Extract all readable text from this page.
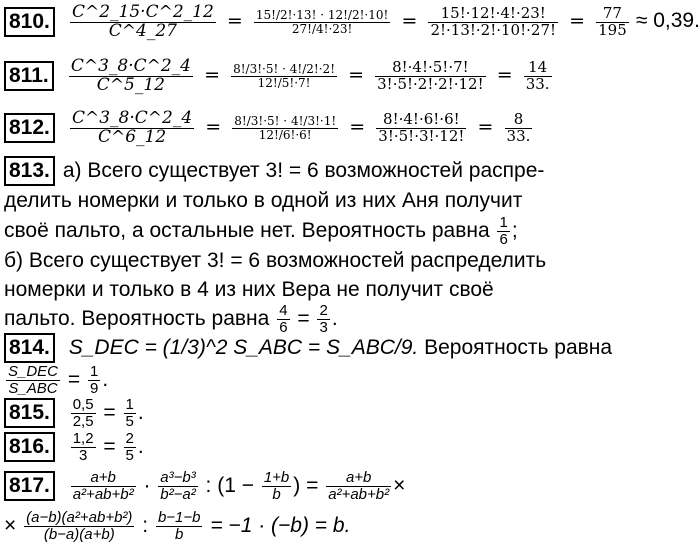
810. $\frac{C\^{}2\_15\cdot C\^{}2\_12}{C\^{}4\_27} = \frac{15!/2!\cdot 13! \cdot 12!/2!\cdot 10!}{27!/4!\cdot 23!} = \frac{15!\cdot 12!\cdot 4!\cdot 23!}{2!\cdot 13!\cdot 2!\cdot 10!\cdot 27!} = \frac{77}{195} \approx 0,39$.
811. $\frac{C\^{}3\_8\cdot C\^{}2\_4}{C\^{}5\_12} = \frac{8!/3!\cdot 5! \cdot 4!/2!\cdot 2!}{12!/5!\cdot 7!} = \frac{8!\cdot 4!\cdot 5!\cdot 7!}{3!\cdot 5!\cdot 2!\cdot 2!\cdot 12!} = \frac{14}{33.}$
812. $\frac{C\^{}3\_8\cdot C\^{}2\_4}{C\^{}6\_12} = \frac{8!/3!\cdot 5! \cdot 4!/3!\cdot 1!}{12!/6!\cdot 6!} = \frac{8!\cdot 4!\cdot 6!\cdot 6!}{3!\cdot 5!\cdot 3!\cdot 12!} = \frac{8}{33.}$
813. а) Всего существует 3! = 6 возможностей распре-
делить номерки и только в одной из них Аня получит
своё пальто, а остальные нет. Вероятность равна $\frac{1}{6}$ ;
б) Всего существует 3! = 6 возможностей распределить
номерки и только в 4 из них Вера не получит своё
пальто. Вероятность равна $\frac{4}{6} = \frac{2}{3}$ .
814. S_DEC = (1/3)^2 S_ABC = S_ABC/9. Вероятность равна
$\frac{\text{S\_DEC}}{\text{S\_ABC}} = \frac{1}{9}$ .
815. $\frac{0,5}{2,5} = \frac{1}{5}$ .
816. $\frac{1,2}{3} = \frac{2}{5}$ .
817. $\frac{a+b}{\text{a²+ab+b²}} \cdot \frac{\text{a³−b³}}{\text{b²−a²}}$ : ($1 - \frac{1+b}{b}$ ) = $\frac{a+b}{\text{a²+ab+b²}}$ ×
× $\frac{\text{(a−b)(a²+ab+b²)}}{(b-a)(a+b)}$ : $\frac{b-1-b}{b} = -1 \cdot (-b) = b$.
